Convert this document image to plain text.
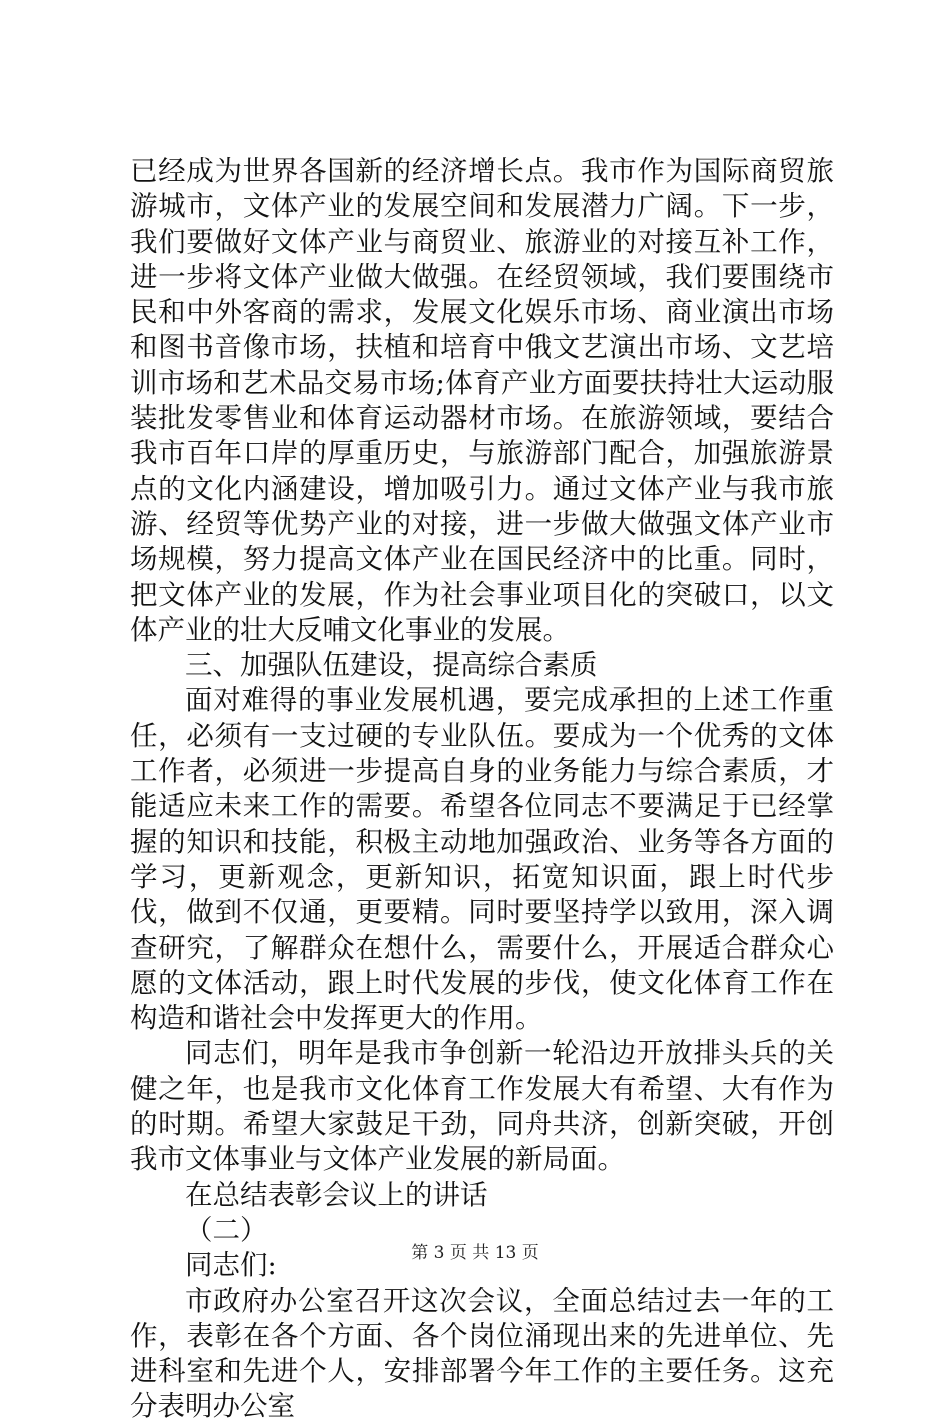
已经成为世界各国新的经济增长点。我市作为国际商贸旅游城市，文体产业的发展空间和发展潜力广阔。下一步，我们要做好文体产业与商贸业、旅游业的对接互补工作，进一步将文体产业做大做强。在经贸领域，我们要围绕市民和中外客商的需求，发展文化娱乐市场、商业演出市场和图书音像市场，扶植和培育中俄文艺演出市场、文艺培训市场和艺术品交易市场;体育产业方面要扶持壮大运动服装批发零售业和体育运动器材市场。在旅游领域，要结合我市百年口岸的厚重历史，与旅游部门配合，加强旅游景点的文化内涵建设，增加吸引力。通过文体产业与我市旅游、经贸等优势产业的对接，进一步做大做强文体产业市场规模，努力提高文体产业在国民经济中的比重。同时，把文体产业的发展，作为社会事业项目化的突破口，以文体产业的壮大反哺文化事业的发展。

三、加强队伍建设，提高综合素质

面对难得的事业发展机遇，要完成承担的上述工作重任，必须有一支过硬的专业队伍。要成为一个优秀的文体工作者，必须进一步提高自身的业务能力与综合素质，才能适应未来工作的需要。希望各位同志不要满足于已经掌握的知识和技能，积极主动地加强政治、业务等各方面的学习，更新观念，更新知识，拓宽知识面，跟上时代步伐，做到不仅通，更要精。同时要坚持学以致用，深入调查研究，了解群众在想什么，需要什么，开展适合群众心愿的文体活动，跟上时代发展的步伐，使文化体育工作在构造和谐社会中发挥更大的作用。

同志们，明年是我市争创新一轮沿边开放排头兵的关健之年，也是我市文化体育工作发展大有希望、大有作为的时期。希望大家鼓足干劲，同舟共济，创新突破，开创我市文体事业与文体产业发展的新局面。

在总结表彰会议上的讲话

（二）

同志们:

市政府办公室召开这次会议，全面总结过去一年的工作，表彰在各个方面、各个岗位涌现出来的先进单位、先进科室和先进个人，安排部署今年工作的主要任务。这充分表明办公室

第 3 页 共 13 页
